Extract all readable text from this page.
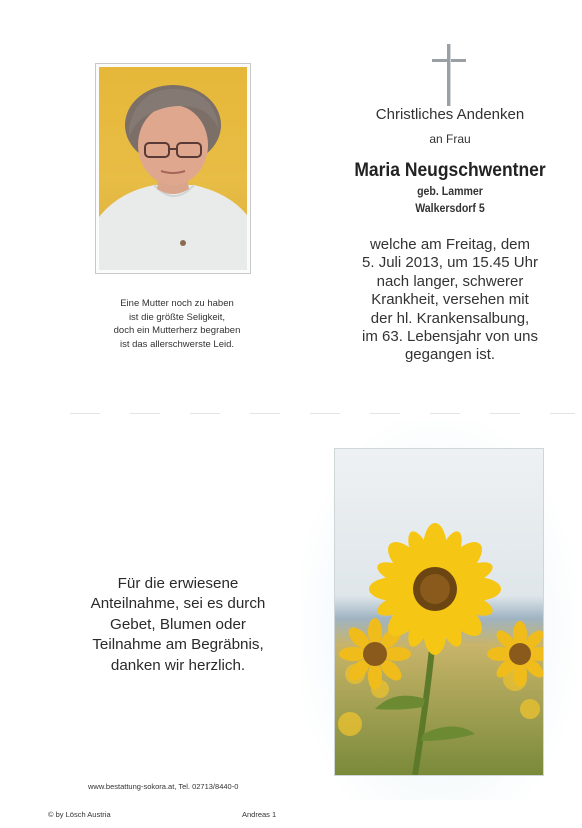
Eine Mutter noch zu haben
ist die größte Seligkeit,
doch ein Mutterherz begraben
ist das allerschwerste Leid.
Christliches Andenken
an Frau
Maria Neugschwentner
geb. Lammer
Walkersdorf 5
welche am Freitag, dem
5. Juli 2013, um 15.45 Uhr
nach langer, schwerer
Krankheit, versehen mit
der hl. Krankensalbung,
im 63. Lebensjahr von uns
gegangen ist.
Für die erwiesene
Anteilnahme, sei es durch
Gebet, Blumen oder
Teilnahme am Begräbnis,
danken wir herzlich.
www.bestattung-sokora.at, Tel. 02713/8440-0
© by Lösch Austria	Andreas 1
